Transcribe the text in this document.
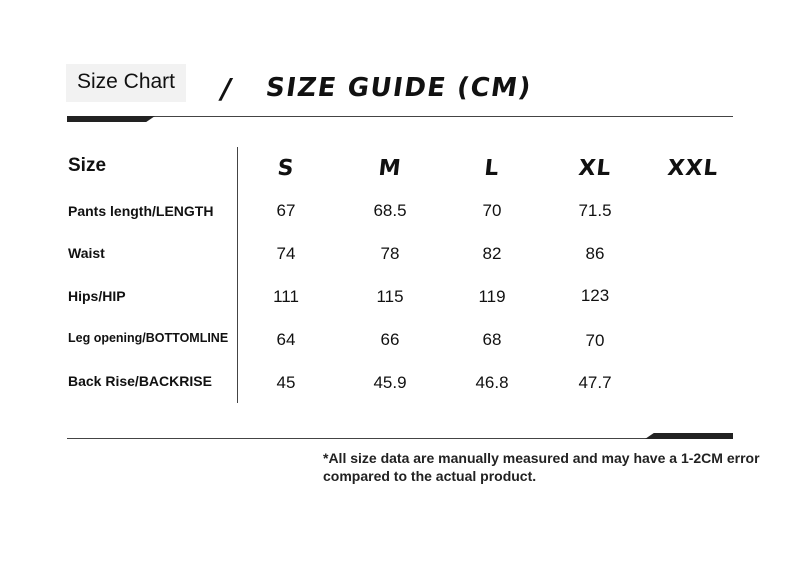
Size Chart	/ SIZE GUIDE (CM)
Size	S	M	L	XL	XXL
Pants length/LENGTH	67	68.5	70	71.5
Waist	74	78	82	86
Hips/HIP	111	115	119	123
Leg opening/BOTTOMLINE	64	66	68	70
Back Rise/BACKRISE	45	45.9	46.8	47.7
*All size data are manually measured and may have a 1-2CM error compared to the actual product.
